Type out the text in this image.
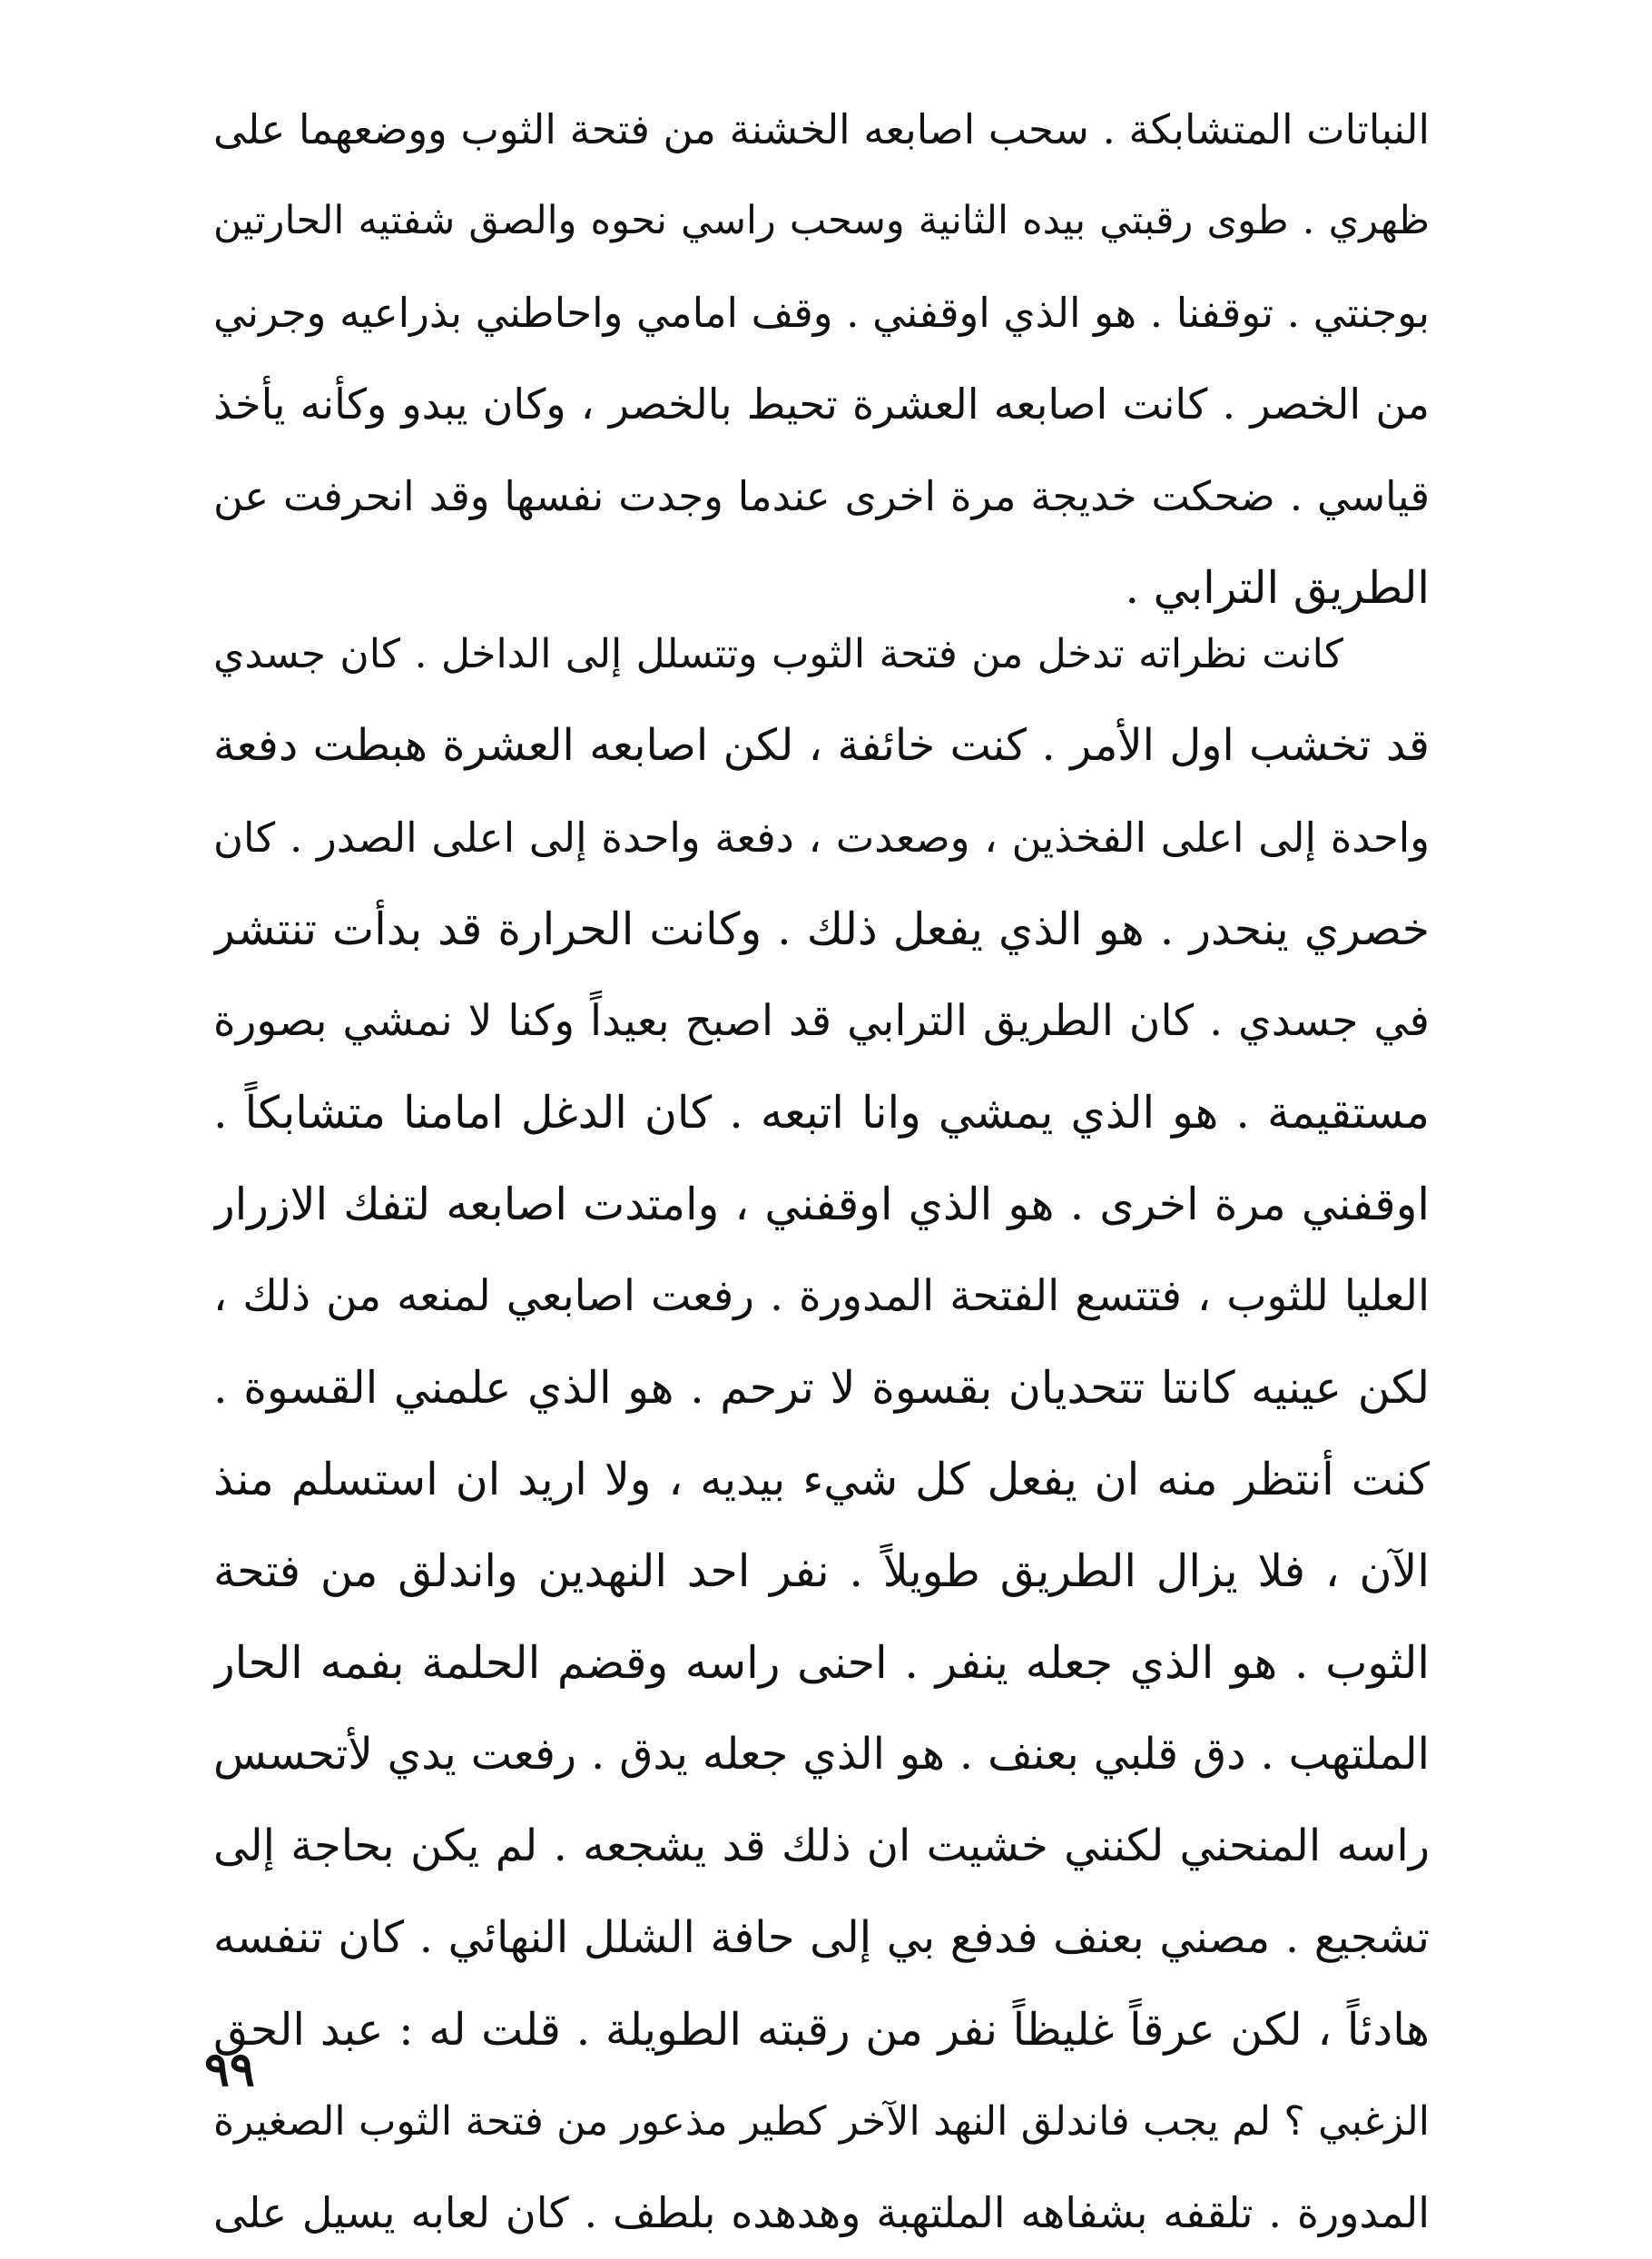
النباتات المتشابكة . سحب اصابعه الخشنة من فتحة الثوب ووضعهما على
ظهري . طوى رقبتي بيده الثانية وسحب راسي نحوه والصق شفتيه الحارتين
بوجنتي . توقفنا . هو الذي اوقفني . وقف امامي واحاطني بذراعيه وجرني
من الخصر . كانت اصابعه العشرة تحيط بالخصر ، وكان يبدو وكأنه يأخذ
قياسي . ضحكت خديجة مرة اخرى عندما وجدت نفسها وقد انحرفت عن
الطريق الترابي .
كانت نظراته تدخل من فتحة الثوب وتتسلل إلى الداخل . كان جسدي
قد تخشب اول الأمر . كنت خائفة ، لكن اصابعه العشرة هبطت دفعة
واحدة إلى اعلى الفخذين ، وصعدت ، دفعة واحدة إلى اعلى الصدر . كان
خصري ينحدر . هو الذي يفعل ذلك . وكانت الحرارة قد بدأت تنتشر
في جسدي . كان الطريق الترابي قد اصبح بعيداً وكنا لا نمشي بصورة
مستقيمة . هو الذي يمشي وانا اتبعه . كان الدغل امامنا متشابكاً .
اوقفني مرة اخرى . هو الذي اوقفني ، وامتدت اصابعه لتفك الازرار
العليا للثوب ، فتتسع الفتحة المدورة . رفعت اصابعي لمنعه من ذلك ،
لكن عينيه كانتا تتحديان بقسوة لا ترحم . هو الذي علمني القسوة .
كنت أنتظر منه ان يفعل كل شيء بيديه ، ولا اريد ان استسلم منذ
الآن ، فلا يزال الطريق طويلاً . نفر احد النهدين واندلق من فتحة
الثوب . هو الذي جعله ينفر . احنى راسه وقضم الحلمة بفمه الحار
الملتهب . دق قلبي بعنف . هو الذي جعله يدق . رفعت يدي لأتحسس
راسه المنحني لكنني خشيت ان ذلك قد يشجعه . لم يكن بحاجة إلى
تشجيع . مصني بعنف فدفع بي إلى حافة الشلل النهائي . كان تنفسه
هادئاً ، لكن عرقاً غليظاً نفر من رقبته الطويلة . قلت له : عبد الحق
الزغبي ؟ لم يجب فاندلق النهد الآخر كطير مذعور من فتحة الثوب الصغيرة
المدورة . تلقفه بشفاهه الملتهبة وهدهده بلطف . كان لعابه يسيل على
٩٩
